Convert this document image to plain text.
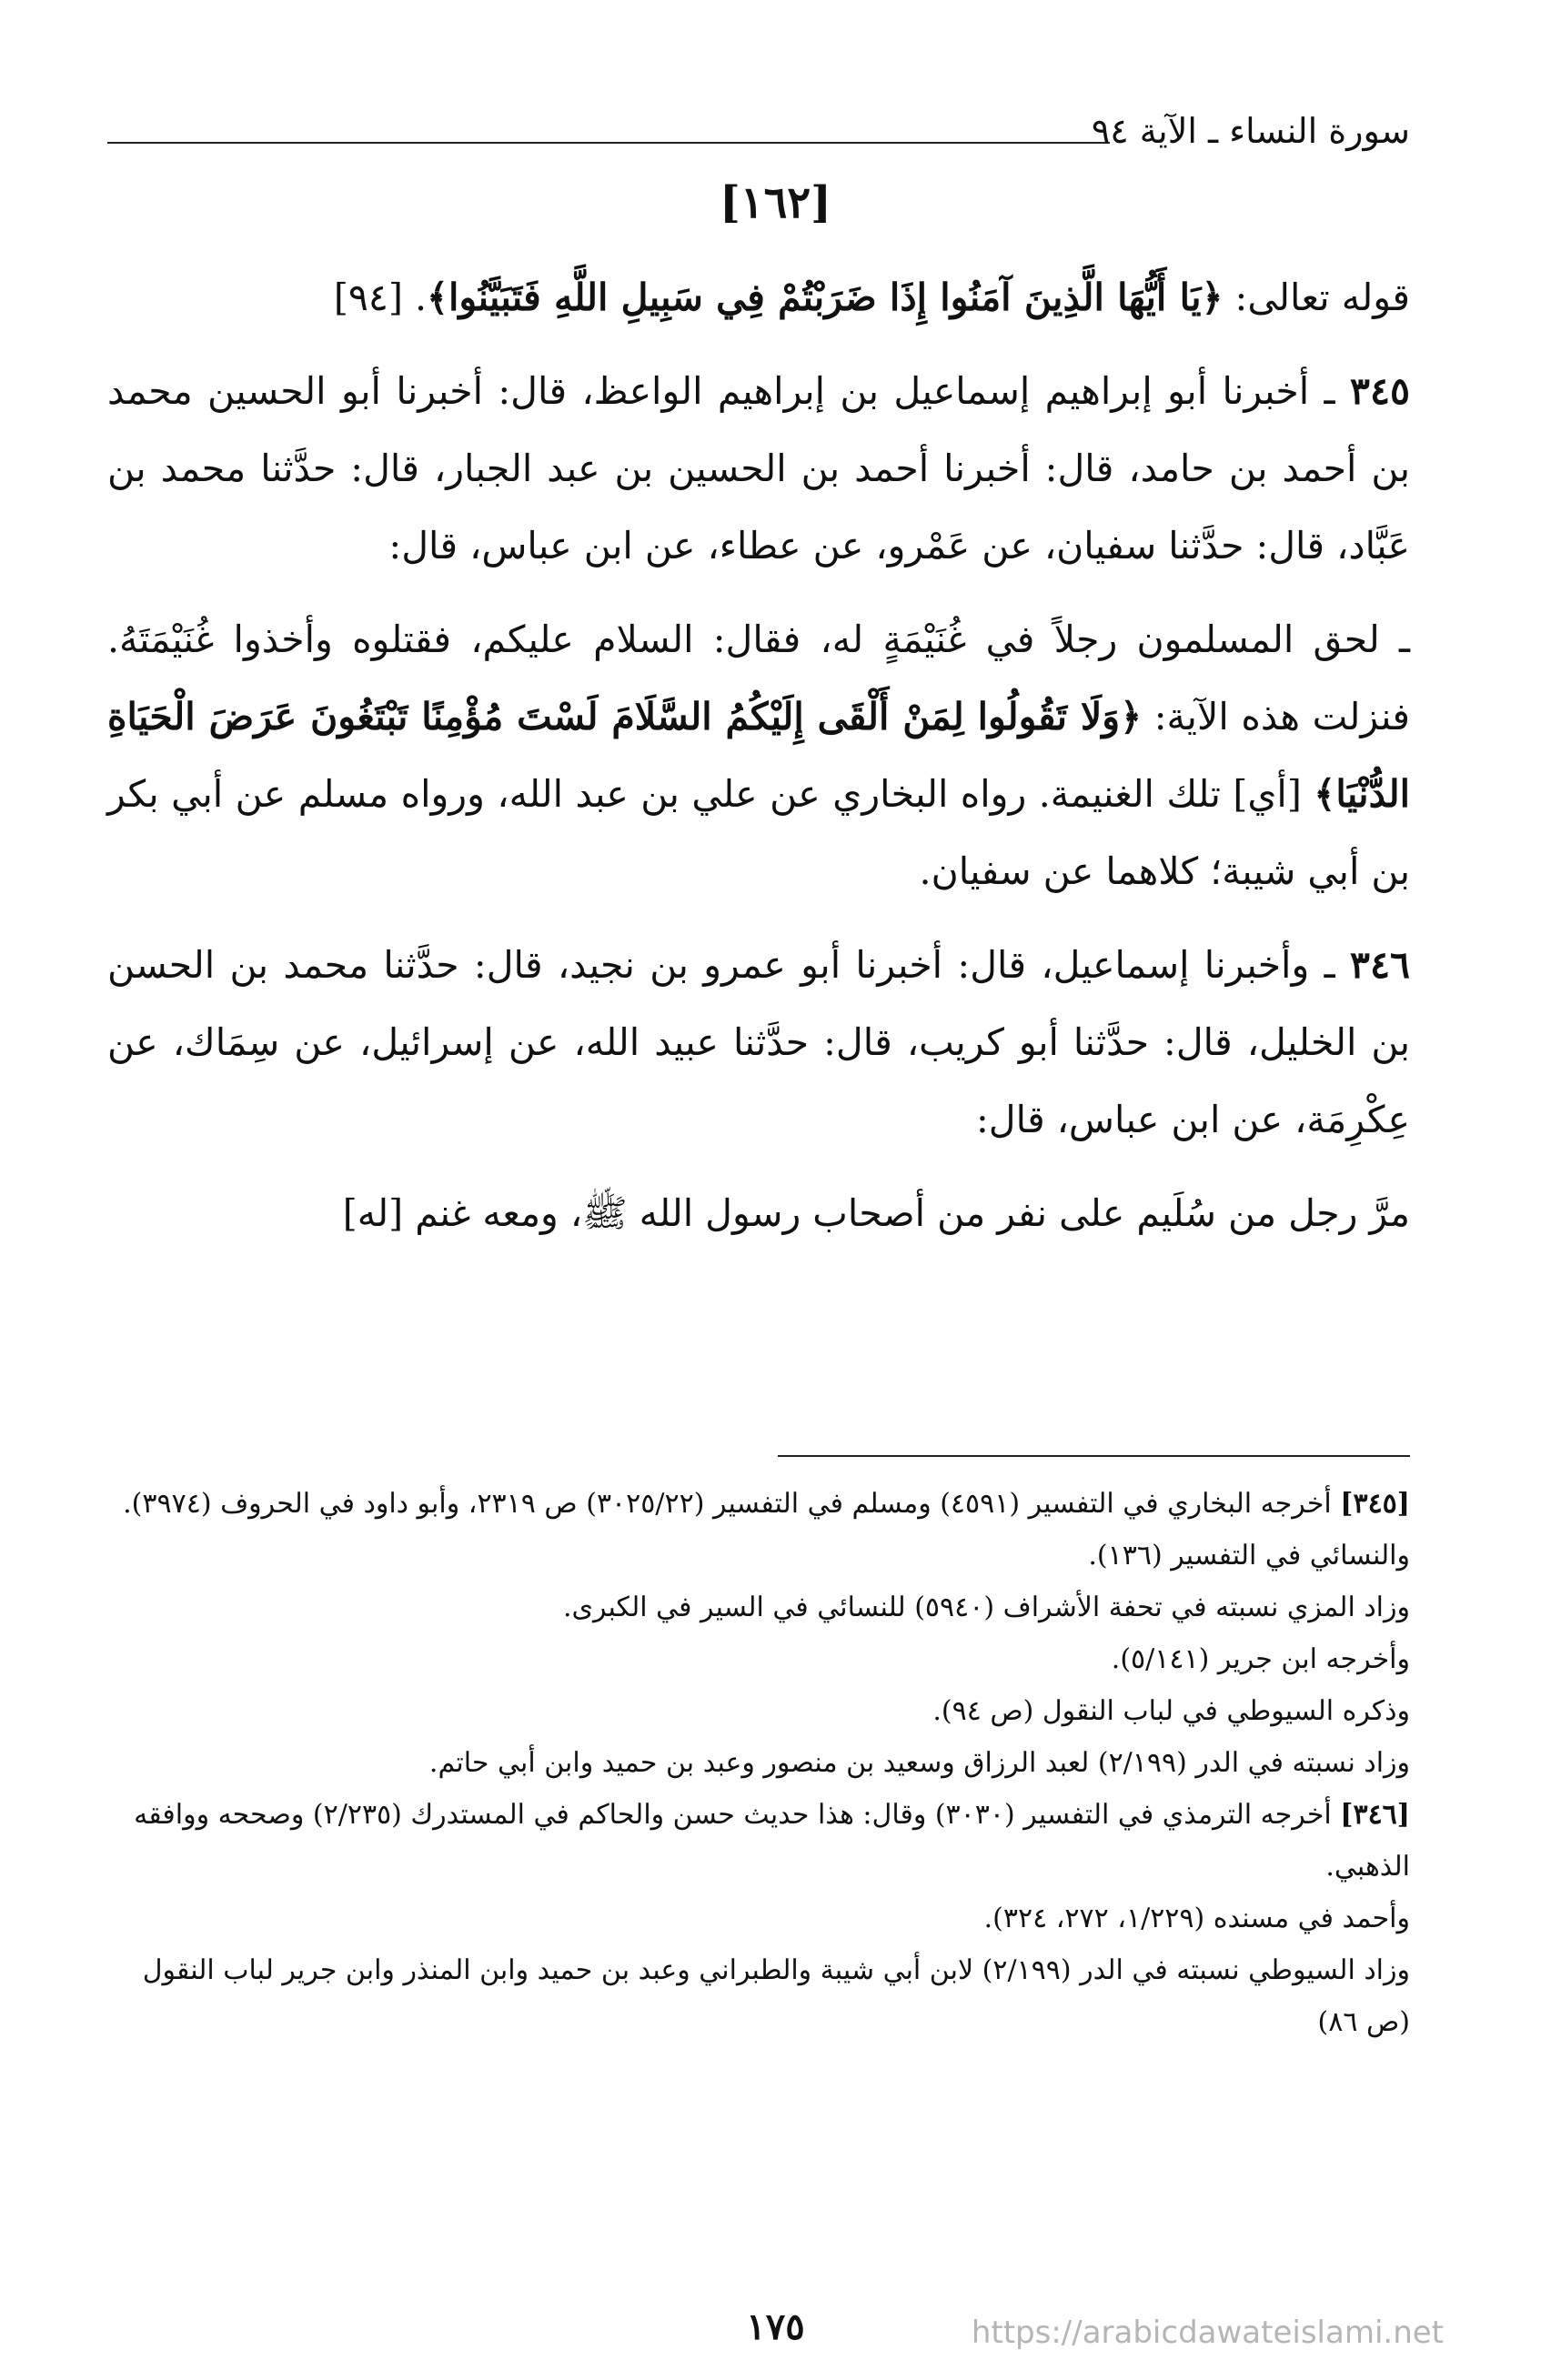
سورة النساء ـ الآية ٩٤
[١٦٢]

قوله تعالى: ﴿يَا أَيُّهَا الَّذِينَ آمَنُوا إِذَا ضَرَبْتُمْ فِي سَبِيلِ اللَّهِ فَتَبَيَّنُوا﴾. [٩٤]

٣٤٥ ـ أخبرنا أبو إبراهيم إسماعيل بن إبراهيم الواعظ، قال: أخبرنا أبو الحسين محمد بن أحمد بن حامد، قال: أخبرنا أحمد بن الحسين بن عبد الجبار، قال: حدَّثنا محمد بن عَبَّاد، قال: حدَّثنا سفيان، عن عَمْرو، عن عطاء، عن ابن عباس، قال:

ـ لحق المسلمون رجلاً في غُنَيْمَةٍ له، فقال: السلام عليكم، فقتلوه وأخذوا غُنَيْمَتَهُ. فنزلت هذه الآية: ﴿وَلَا تَقُولُوا لِمَنْ أَلْقَى إِلَيْكُمُ السَّلَامَ لَسْتَ مُؤْمِنًا تَبْتَغُونَ عَرَضَ الْحَيَاةِ الدُّنْيَا﴾ [أي] تلك الغنيمة. رواه البخاري عن علي بن عبد الله، ورواه مسلم عن أبي بكر بن أبي شيبة؛ كلاهما عن سفيان.

٣٤٦ ـ وأخبرنا إسماعيل، قال: أخبرنا أبو عمرو بن نجيد، قال: حدَّثنا محمد بن الحسن بن الخليل، قال: حدَّثنا أبو كريب، قال: حدَّثنا عبيد الله، عن إسرائيل، عن سِمَاك، عن عِكْرِمَة، عن ابن عباس، قال:

مرَّ رجل من سُلَيم على نفر من أصحاب رسول الله ﷺ، ومعه غنم [له]

[٣٤٥] أخرجه البخاري في التفسير (٤٥٩١) ومسلم في التفسير (٣٠٢٥/٢٢) ص ٢٣١٩، وأبو داود في الحروف (٣٩٧٤).

والنسائي في التفسير (١٣٦).

وزاد المزي نسبته في تحفة الأشراف (٥٩٤٠) للنسائي في السير في الكبرى.

وأخرجه ابن جرير (٥/١٤١).

وذكره السيوطي في لباب النقول (ص ٩٤).

وزاد نسبته في الدر (٢/١٩٩) لعبد الرزاق وسعيد بن منصور وعبد بن حميد وابن أبي حاتم.

[٣٤٦] أخرجه الترمذي في التفسير (٣٠٣٠) وقال: هذا حديث حسن والحاكم في المستدرك (٢/٢٣٥) وصححه ووافقه الذهبي.

وأحمد في مسنده (١/٢٢٩، ٢٧٢، ٣٢٤).

وزاد السيوطي نسبته في الدر (٢/١٩٩) لابن أبي شيبة والطبراني وعبد بن حميد وابن المنذر وابن جرير لباب النقول (ص ٨٦)

١٧٥	https://arabicdawateislami.net
